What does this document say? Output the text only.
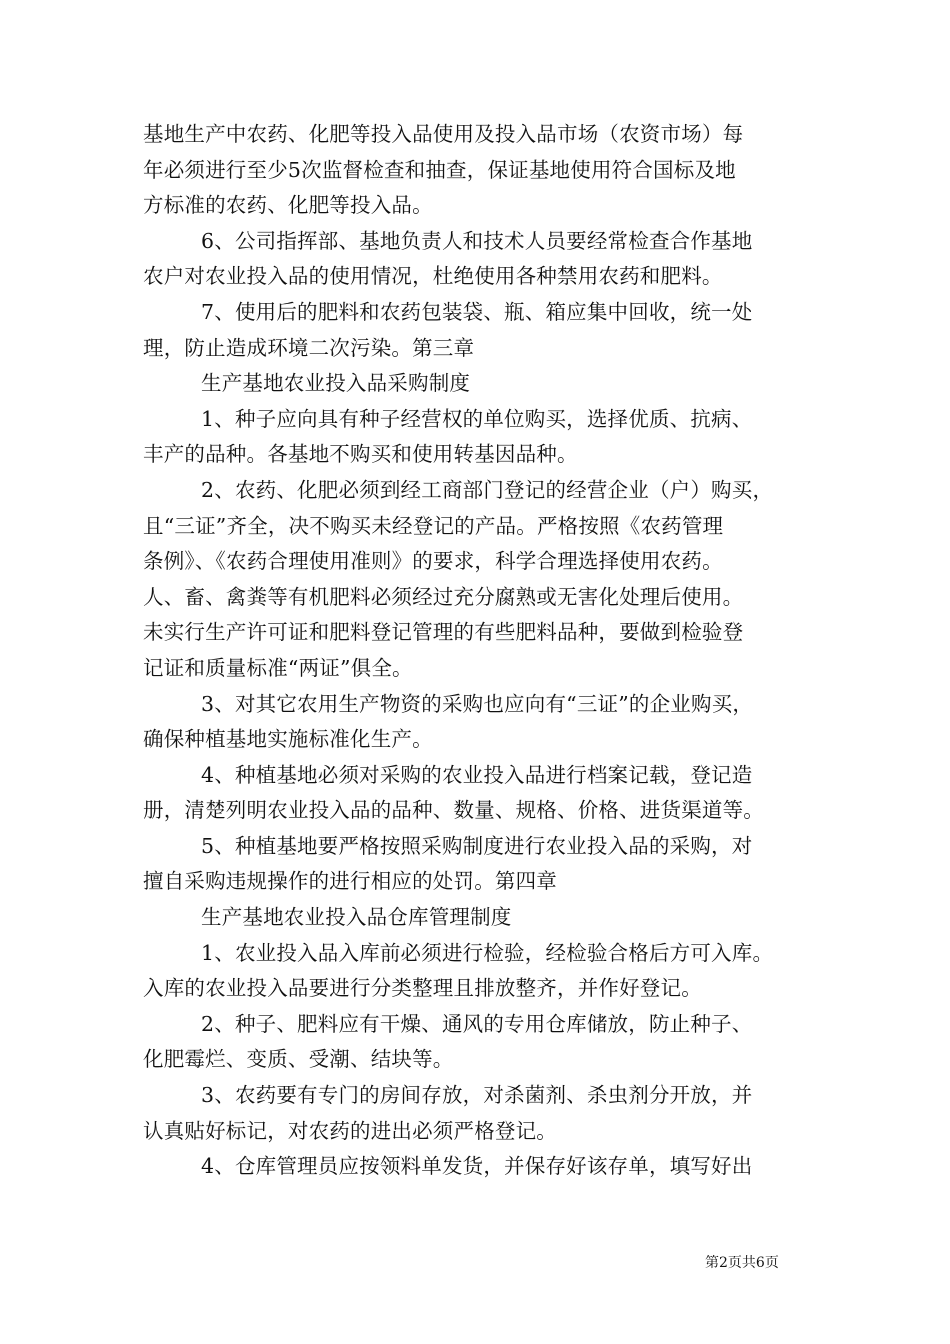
基地生产中农药、化肥等投入品使用及投入品市场（农资市场）每
年必须进行至少5次监督检查和抽查，保证基地使用符合国标及地
方标准的农药、化肥等投入品。
6、公司指挥部、基地负责人和技术人员要经常检查合作基地
农户对农业投入品的使用情况，杜绝使用各种禁用农药和肥料。
7、使用后的肥料和农药包装袋、瓶、箱应集中回收，统一处
理，防止造成环境二次污染。第三章
生产基地农业投入品采购制度
1、种子应向具有种子经营权的单位购买，选择优质、抗病、
丰产的品种。各基地不购买和使用转基因品种。
2、农药、化肥必须到经工商部门登记的经营企业（户）购买，
且“三证”齐全，决不购买未经登记的产品。严格按照《农药管理
条例》、《农药合理使用准则》的要求，科学合理选择使用农药。
人、畜、禽粪等有机肥料必须经过充分腐熟或无害化处理后使用。
未实行生产许可证和肥料登记管理的有些肥料品种，要做到检验登
记证和质量标准“两证”俱全。
3、对其它农用生产物资的采购也应向有“三证”的企业购买，
确保种植基地实施标准化生产。
4、种植基地必须对采购的农业投入品进行档案记载，登记造
册，清楚列明农业投入品的品种、数量、规格、价格、进货渠道等。
5、种植基地要严格按照采购制度进行农业投入品的采购，对
擅自采购违规操作的进行相应的处罚。第四章
生产基地农业投入品仓库管理制度
1、农业投入品入库前必须进行检验，经检验合格后方可入库。
入库的农业投入品要进行分类整理且排放整齐，并作好登记。
2、种子、肥料应有干燥、通风的专用仓库储放，防止种子、
化肥霉烂、变质、受潮、结块等。
3、农药要有专门的房间存放，对杀菌剂、杀虫剂分开放，并
认真贴好标记，对农药的进出必须严格登记。
4、仓库管理员应按领料单发货，并保存好该存单，填写好出
第2页共6页
